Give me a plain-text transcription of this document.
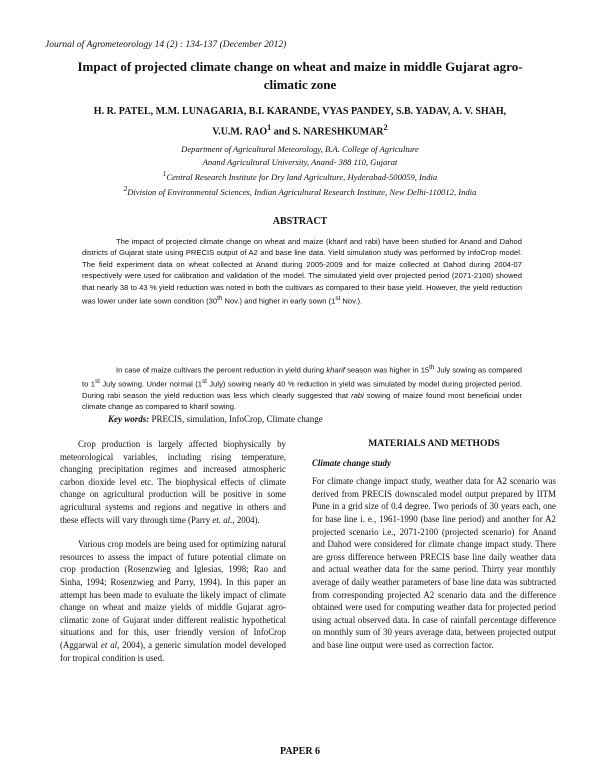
Journal of Agrometeorology 14 (2) : 134-137 (December 2012)
Impact of projected climate change on wheat and maize in middle Gujarat agro-climatic zone
H. R. PATEL, M.M. LUNAGARIA, B.I. KARANDE, VYAS PANDEY, S.B. YADAV, A. V. SHAH,
V.U.M. RAO$^1$ and S. NARESHKUMAR$^2$
Department of Agricultural Meteorology, B.A. College of Agriculture
Anand Agricultural University, Anand- 388 110, Gujarat
$^1$Central Research Institute for Dry land Agriculture, Hyderabad-500059, India
$^2$Division of Environmental Sciences, Indian Agricultural Research Institute, New Delhi-110012, India
ABSTRACT
The impact of projected climate change on wheat and maize (kharif and rabi) have been studied for Anand and Dahod districts of Gujarat state using PRECIS output of A2 and base line data. Yield simulation study was performed by InfoCrop model. The field experiment data on wheat collected at Anand during 2005-2009 and for maize collected at Dahod during 2004-07 respectively were used for calibration and validation of the model. The simulated yield over projected period (2071-2100) showed that nearly 38 to 43 % yield reduction was noted in both the cultivars as compared to their base yield. However, the yield reduction was lower under late sown condition (30th Nov.) and higher in early sown (1st Nov.).
In case of maize cultivars the percent reduction in yield during kharif season was higher in 15th July sowing as compared to 1st July sowing. Under normal (1st July) sowing nearly 40 % reduction in yield was simulated by model during projected period. During rabi season the yield reduction was less which clearly suggested that rabi sowing of maize found most beneficial under climate change as compared to kharif sowing.
Key words: PRECIS, simulation, InfoCrop, Climate change

Crop production is largely affected biophysically by meteorological variables, including rising temperature, changing precipitation regimes and increased atmospheric carbon dioxide level etc. The biophysical effects of climate change on agricultural production will be positive in some agricultural systems and regions and negative in others and these effects will vary through time (Parry et. al., 2004).

Various crop models are being used for optimizing natural resources to assess the impact of future potential climate on crop production (Rosenzwieg and Iglesias, 1998; Rao and Sinha, 1994; Rosenzwieg and Parry, 1994). In this paper an attempt has been made to evaluate the likely impact of climate change on wheat and maize yields of middle Gujarat agro-climatic zone of Gujarat under different realistic hypothetical situations and for this, user friendly version of InfoCrop (Aggarwal et al, 2004), a generic simulation model developed for tropical condition is used.

MATERIALS AND METHODS
Climate change study

For climate change impact study, weather data for A2 scenario was derived from PRECIS downscaled model output prepared by IITM Pune in a grid size of 0.4 degree. Two periods of 30 years each, one for base line i. e., 1961-1990 (base line period) and another for A2 projected scenario i.e., 2071-2100 (projected scenario) for Anand and Dahod were considered for climate change impact study. There are gross difference between PRECIS base line daily weather data and actual weather data for the same period. Thirty year monthly average of daily weather parameters of base line data was subtracted from corresponding projected A2 scenario data and the difference obtained were used for computing weather data for projected period using actual observed data. In case of rainfall percentage difference on monthly sum of 30 years average data, between projected output and base line output were used as correction factor.

PAPER 6
